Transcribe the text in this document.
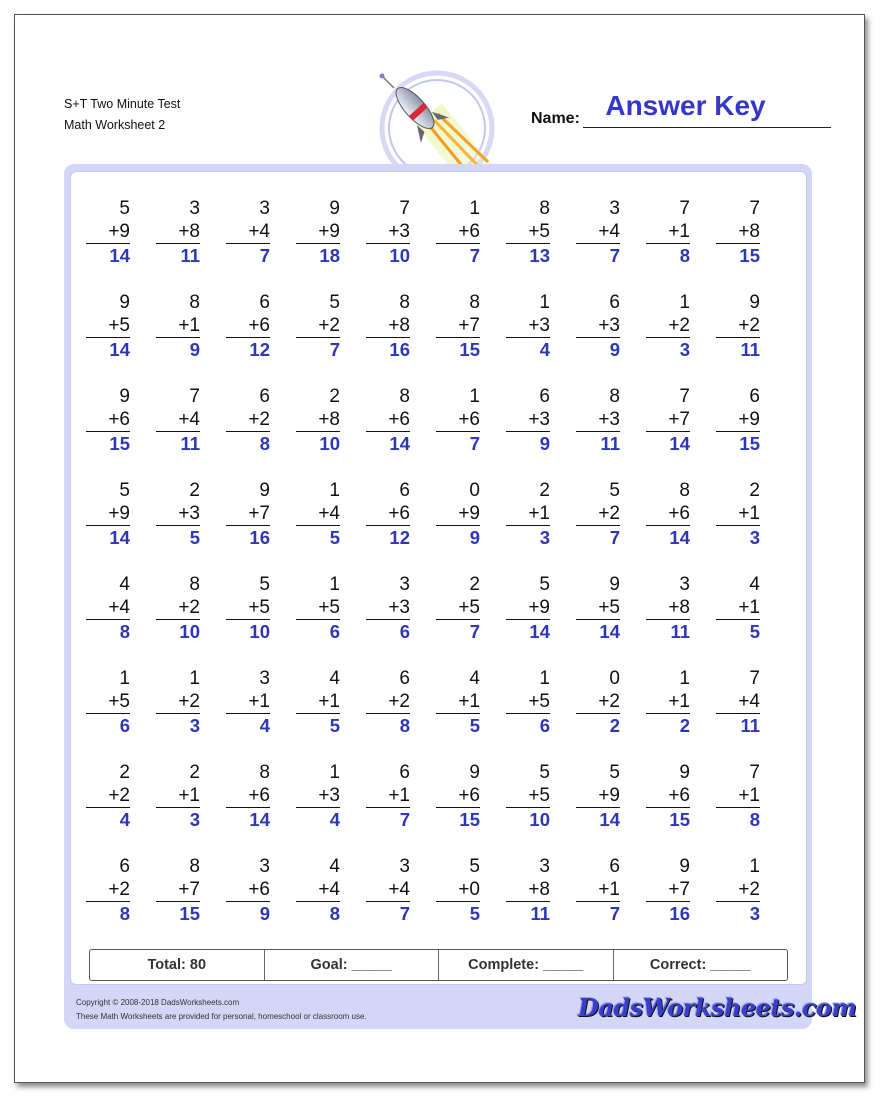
S+T Two Minute Test
Math Worksheet 2
Answer Key
Name:
5
+9
14
3
+8
11
3
+4
7
9
+9
18
7
+3
10
1
+6
7
8
+5
13
3
+4
7
7
+1
8
7
+8
15
9
+5
14
8
+1
9
6
+6
12
5
+2
7
8
+8
16
8
+7
15
1
+3
4
6
+3
9
1
+2
3
9
+2
11
9
+6
15
7
+4
11
6
+2
8
2
+8
10
8
+6
14
1
+6
7
6
+3
9
8
+3
11
7
+7
14
6
+9
15
5
+9
14
2
+3
5
9
+7
16
1
+4
5
6
+6
12
0
+9
9
2
+1
3
5
+2
7
8
+6
14
2
+1
3
4
+4
8
8
+2
10
5
+5
10
1
+5
6
3
+3
6
2
+5
7
5
+9
14
9
+5
14
3
+8
11
4
+1
5
1
+5
6
1
+2
3
3
+1
4
4
+1
5
6
+2
8
4
+1
5
1
+5
6
0
+2
2
1
+1
2
7
+4
11
2
+2
4
2
+1
3
8
+6
14
1
+3
4
6
+1
7
9
+6
15
5
+5
10
5
+9
14
9
+6
15
7
+1
8
6
+2
8
8
+7
15
3
+6
9
4
+4
8
3
+4
7
5
+0
5
3
+8
11
6
+1
7
9
+7
16
1
+2
3
Total: 80	Goal: _____	Complete: _____	Correct: _____
Copyright © 2008-2018 DadsWorksheets.com
These Math Worksheets are provided for personal, homeschool or classroom use.	DadsWorksheets.com
